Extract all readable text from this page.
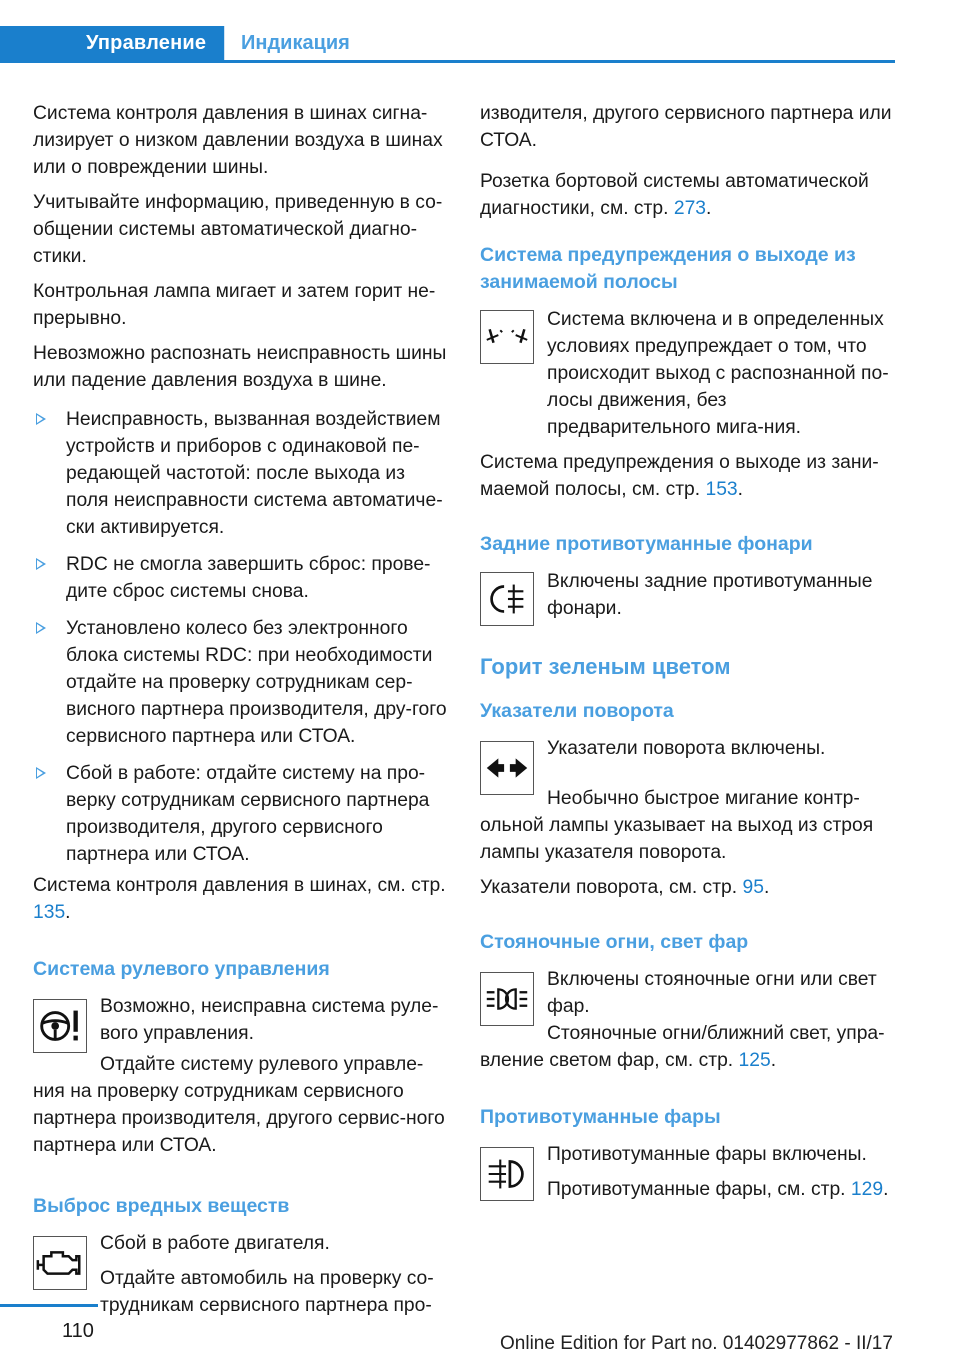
Управление Индикация

Система контроля давления в шинах сигна-лизирует о низком давлении воздуха в шинах или о повреждении шины.

Учитывайте информацию, приведенную в со-общении системы автоматической диагно-стики.

Контрольная лампа мигает и затем горит не-прерывно.

Невозможно распознать неисправность шины или падение давления воздуха в шине.

Неисправность, вызванная воздействием устройств и приборов с одинаковой пе-редающей частотой: после выхода из поля неисправности система автоматиче-ски активируется.
RDC не смогла завершить сброс: прове-дите сброс системы снова.
Установлено колесо без электронного блока системы RDC: при необходимости отдайте на проверку сотрудникам сер-висного партнера производителя, дру-гого сервисного партнера или СТОА.
Сбой в работе: отдайте систему на про-верку сотрудникам сервисного партнера производителя, другого сервисного партнера или СТОА.

Система контроля давления в шинах, см. стр. 135.

Система рулевого управления

Возможно, неисправна система руле-вого управления.

Отдайте систему рулевого управле-ния на проверку сотрудникам сервисного партнера производителя, другого сервис-ного партнера или СТОА.

Выброс вредных веществ

Сбой в работе двигателя.

Отдайте автомобиль на проверку со-трудникам сервисного партнера про-

изводителя, другого сервисного партнера или СТОА.

Розетка бортовой системы автоматической диагностики, см. стр. 273.

Система предупреждения о выходе из занимаемой полосы

Система включена и в определенных условиях предупреждает о том, что происходит выход с распознанной по-лосы движения, без предварительного мига-ния.

Система предупреждения о выходе из зани-маемой полосы, см. стр. 153.

Задние противотуманные фонари

Включены задние противотуманные фонари.

Горит зеленым цветом
Указатели поворота

Указатели поворота включены.

Необычно быстрое мигание контр-ольной лампы указывает на выход из строя лампы указателя поворота.

Указатели поворота, см. стр. 95.

Стояночные огни, свет фар

Включены стояночные огни или свет фар.

Стояночные огни/ближний свет, упра-вление светом фар, см. стр. 125.

Противотуманные фары

Противотуманные фары включены.

Противотуманные фары, см. стр. 129.

110
Online Edition for Part no. 01402977862 - II/17
